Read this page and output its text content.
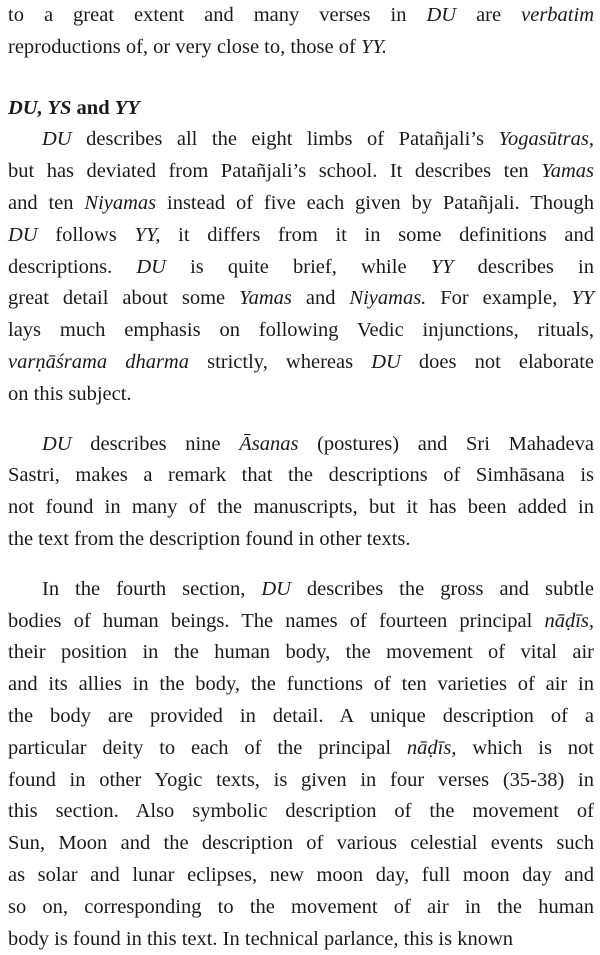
to a great extent and many verses in DU are verbatim
reproductions of, or very close to, those of YY.
DU, YS and YY
DU describes all the eight limbs of Patañjali’s Yogasūtras,
but has deviated from Patañjali’s school. It describes ten Yamas
and ten Niyamas instead of five each given by Patañjali. Though
DU follows YY, it differs from it in some definitions and
descriptions. DU is quite brief, while YY describes in
great detail about some Yamas and Niyamas. For example, YY
lays much emphasis on following Vedic injunctions, rituals,
varṇāśrama dharma strictly, whereas DU does not elaborate
on this subject.
DU describes nine Āsanas (postures) and Sri Mahadeva
Sastri, makes a remark that the descriptions of Simhāsana is
not found in many of the manuscripts, but it has been added in
the text from the description found in other texts.
In the fourth section, DU describes the gross and subtle
bodies of human beings. The names of fourteen principal nāḍīs,
their position in the human body, the movement of vital air
and its allies in the body, the functions of ten varieties of air in
the body are provided in detail. A unique description of a
particular deity to each of the principal nāḍīs, which is not
found in other Yogic texts, is given in four verses (35-38) in
this section. Also symbolic description of the movement of
Sun, Moon and the description of various celestial events such
as solar and lunar eclipses, new moon day, full moon day and
so on, corresponding to the movement of air in the human
body is found in this text. In technical parlance, this is known
